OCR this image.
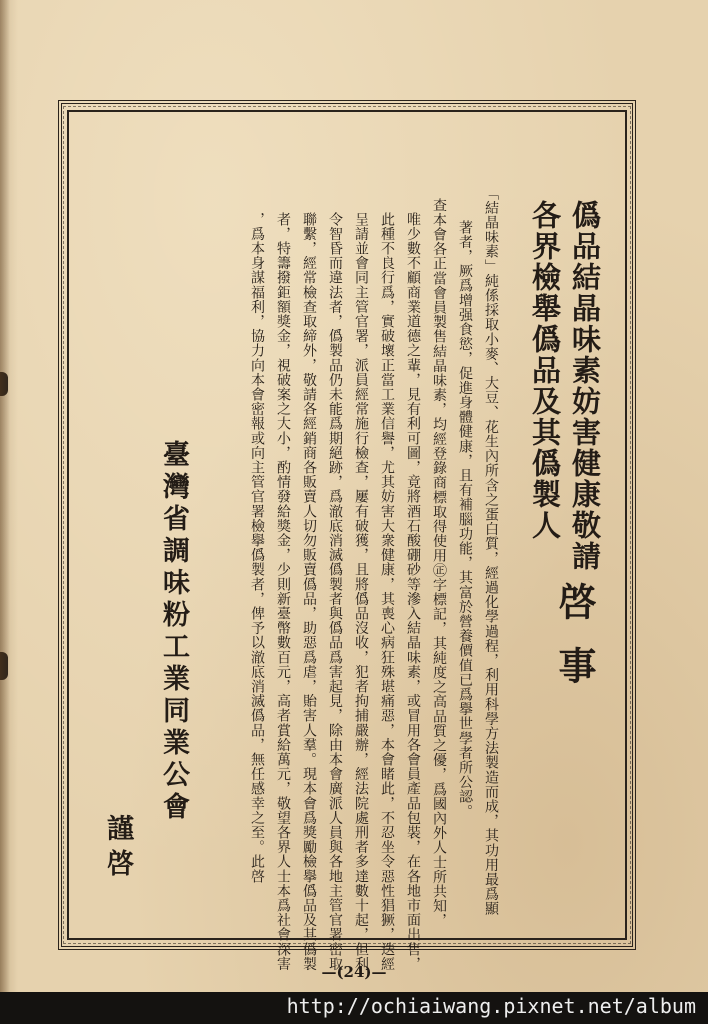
僞品結晶味素妨害健康敬請
各界檢舉僞品及其僞製人
啓事
「結晶味素」純係採取小麥、大豆、花生內所含之蛋白質，經過化學過程，利用科學方法製造而成，其功用最爲顯
著者，厥爲增强食慾，促進身體健康，且有補腦功能，其富於營養價值已爲擧世學者所公認。
查本會各正當會員製售結晶味素，均經登錄商標取得使用㊣字標記，其純度之高品質之優，爲國內外人士所共知，
唯少數不顧商業道德之輩，見有利可圖，竟將酒石酸硼砂等滲入結晶味素，或冒用各會員產品包裝，在各地市面出售，
此種不良行爲，實破壞正當工業信譽，尤其妨害大衆健康，其喪心病狂殊堪痛惡，本會睹此，不忍坐令惡性猖獗，迭經
呈請並會同主管官署，派員經常施行檢查，屢有破獲，且將僞品沒收，犯者拘捕嚴辦，經法院處刑者多達數十起，但利
令智昏而違法者，僞製品仍未能爲期絕跡，爲澈底消滅僞製者與僞品爲害起見，除由本會廣派人員與各地主管官署密取
聯繫，經常檢查取締外，敬請各經銷商各販賣人切勿販賣僞品，助惡爲虐，貽害人羣。現本會爲獎勵檢擧僞品及其僞製
者，特籌撥鉅額獎金，視破案之大小，酌情發給獎金，少則新臺幣數百元，高者賞給萬元，敬望各界人士本爲社會深害
，爲本身謀福利，協力向本會密報或向主管官署檢擧僞製者，俾予以澈底消滅僞品，無任感幸之至。此啓
臺灣省調味粉工業同業公會
謹啓
—(24)—
http://ochiaiwang.pixnet.net/album
